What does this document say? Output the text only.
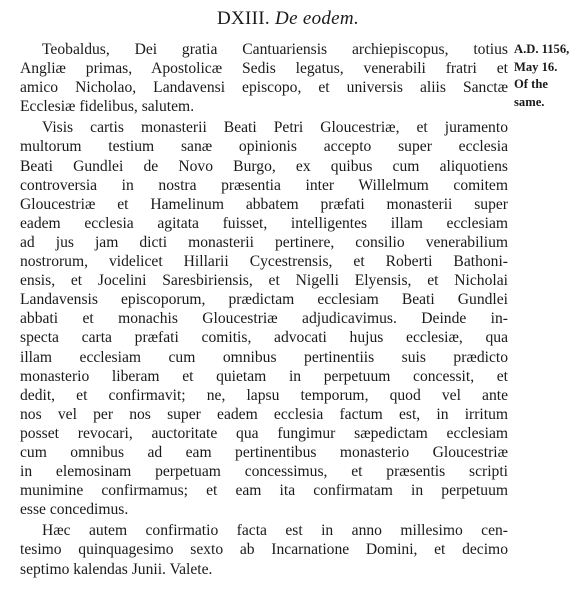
DXIII. De eodem.
A.D. 1156,
May 16.
Of the
same.
Teobaldus, Dei gratia Cantuariensis archiepiscopus, totius
Angliæ primas, Apostolicæ Sedis legatus, venerabili fratri et
amico Nicholao, Landavensi episcopo, et universis aliis Sanctæ
Ecclesiæ fidelibus, salutem.
Visis cartis monasterii Beati Petri Gloucestriæ, et juramento
multorum testium sanæ opinionis accepto super ecclesia
Beati Gundlei de Novo Burgo, ex quibus cum aliquotiens
controversia in nostra præsentia inter Willelmum comitem
Gloucestriæ et Hamelinum abbatem præfati monasterii super
eadem ecclesia agitata fuisset, intelligentes illam ecclesiam
ad jus jam dicti monasterii pertinere, consilio venerabilium
nostrorum, videlicet Hillarii Cycestrensis, et Roberti Bathoni-
ensis, et Jocelini Saresbiriensis, et Nigelli Elyensis, et Nicholai
Landavensis episcoporum, prædictam ecclesiam Beati Gundlei
abbati et monachis Gloucestriæ adjudicavimus. Deinde in-
specta carta præfati comitis, advocati hujus ecclesiæ, qua
illam ecclesiam cum omnibus pertinentiis suis prædicto
monasterio liberam et quietam in perpetuum concessit, et
dedit, et confirmavit; ne, lapsu temporum, quod vel ante
nos vel per nos super eadem ecclesia factum est, in irritum
posset revocari, auctoritate qua fungimur sæpedictam ecclesiam
cum omnibus ad eam pertinentibus monasterio Gloucestriæ
in elemosinam perpetuam concessimus, et præsentis scripti
munimine confirmamus; et eam ita confirmatam in perpetuum
esse concedimus.
Hæc autem confirmatio facta est in anno millesimo cen-
tesimo quinquagesimo sexto ab Incarnatione Domini, et decimo
septimo kalendas Junii. Valete.
